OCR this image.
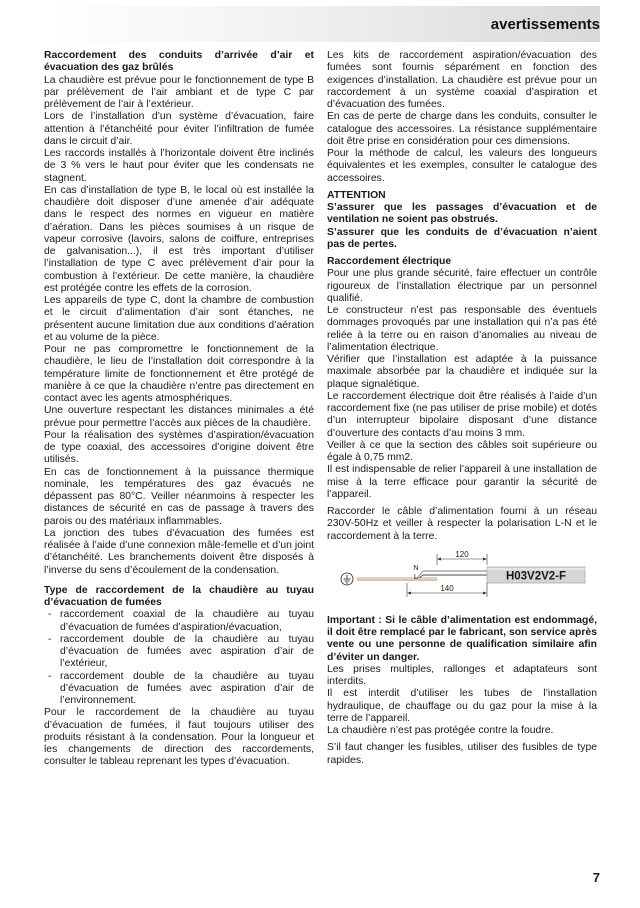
avertissements

Raccordement des conduits d’arrivée d’air et évacuation des gaz brûlés

La chaudière est prévue pour le fonctionnement de type B par prélèvement de l’air ambiant et de type C par prélèvement de l’air à l’extérieur.

Lors de l’installation d’un système d’évacuation, faire attention à l’étanchéité pour éviter l’infiltration de fumée dans le circuit d’air.

Les raccords installés à l’horizontale doivent être inclinés de 3 % vers le haut pour éviter que les condensats ne stagnent.

En cas d’installation de type B, le local où est installée la chaudière doit disposer d’une amenée d’air adéquate dans le respect des normes en vigueur en matière d’aération. Dans les pièces soumises à un risque de vapeur corrosive (lavoirs, salons de coiffure, entreprises de galvanisation...), il est très important d’utiliser l’installation de type C avec prélèvement d’air pour la combustion à l’extérieur. De cette manière, la chaudière est protégée contre les effets de la corrosion.

Les appareils de type C, dont la chambre de combustion et le circuit d’alimentation d’air sont étanches, ne présentent aucune limitation due aux conditions d’aération et au volume de la pièce.

Pour ne pas compromettre le fonctionnement de la chaudière, le lieu de l’installation doit correspondre à la température limite de fonctionnement et être protégé de manière à ce que la chaudière n’entre pas directement en contact avec les agents atmosphériques.

Une ouverture respectant les distances minimales a été prévue pour permettre l’accès aux pièces de la chaudière.

Pour la réalisation des systèmes d’aspiration/évacuation de type coaxial, des accessoires d’origine doivent être utilisés.

En cas de fonctionnement à la puissance thermique nominale, les températures des gaz évacués ne dépassent pas 80°C. Veiller néanmoins à respecter les distances de sécurité en cas de passage à travers des parois ou des matériaux inflammables.

La jonction des tubes d’évacuation des fumées est réalisée à l’aide d’une connexion mâle-femelle et d’un joint d’étanchéité. Les branchements doivent être disposés à l’inverse du sens d’écoulement de la condensation.

Type de raccordement de la chaudière au tuyau d’évacuation de fumées

- raccordement coaxial de la chaudière au tuyau d’évacuation de fumées d’aspiration/évacuation,
- raccordement double de la chaudière au tuyau d’évacuation de fumées avec aspiration d’air de l’extérieur,
- raccordement double de la chaudière au tuyau d’évacuation de fumées avec aspiration d’air de l’environnement.

Pour le raccordement de la chaudière au tuyau d’évacuation de fumées, il faut toujours utiliser des produits résistant à la condensation. Pour la longueur et les changements de direction des raccordements, consulter le tableau reprenant les types d’évacuation.

Les kits de raccordement aspiration/évacuation des fumées sont fournis séparément en fonction des exigences d’installation. La chaudière est prévue pour un raccordement à un système coaxial d’aspiration et d’évacuation des fumées.

En cas de perte de charge dans les conduits, consulter le catalogue des accessoires. La résistance supplémentaire doit être prise en considération pour ces dimensions.

Pour la méthode de calcul, les valeurs des longueurs équivalentes et les exemples, consulter le catalogue des accessoires.

ATTENTION

S’assurer que les passages d’évacuation et de ventilation ne soient pas obstrués.

S’assurer que les conduits de d’évacuation n’aient pas de pertes.

Raccordement électrique

Pour une plus grande sécurité, faire effectuer un contrôle rigoureux de l’installation électrique par un personnel qualifié.

Le constructeur n’est pas responsable des éventuels dommages provoqués par une installation qui n’a pas été reliée à la terre ou en raison d’anomalies au niveau de l’alimentation électrique.

Vérifier que l’installation est adaptée à la puissance maximale absorbée par la chaudière et indiquée sur la plaque signalétique.

Le raccordement électrique doit être réalisés à l’aide d’un raccordement fixe (ne pas utiliser de prise mobile) et dotés d’un interrupteur bipolaire disposant d’une distance d’ouverture des contacts d’au moins 3 mm.

Veiller à ce que la section des câbles soit supérieure ou égale à 0,75 mm2.

Il est indispensable de relier l’appareil à une installation de mise à la terre efficace pour garantir la sécurité de l’appareil.

Raccorder le câble d’alimentation fourni à un réseau 230V-50Hz et veiller à respecter la polarisation L-N et le raccordement à la terre.

120
N
L	H03V2V2-F
140

Important : Si le câble d’alimentation est endommagé, il doit être remplacé par le fabricant, son service après vente ou une personne de qualification similaire afin d’éviter un danger.

Les prises multiples, rallonges et adaptateurs sont interdits.

Il est interdit d’utiliser les tubes de l’installation hydraulique, de chauffage ou du gaz pour la mise à la terre de l’appareil.

La chaudière n’est pas protégée contre la foudre.

S’il faut changer les fusibles, utiliser des fusibles de type rapides.

7
